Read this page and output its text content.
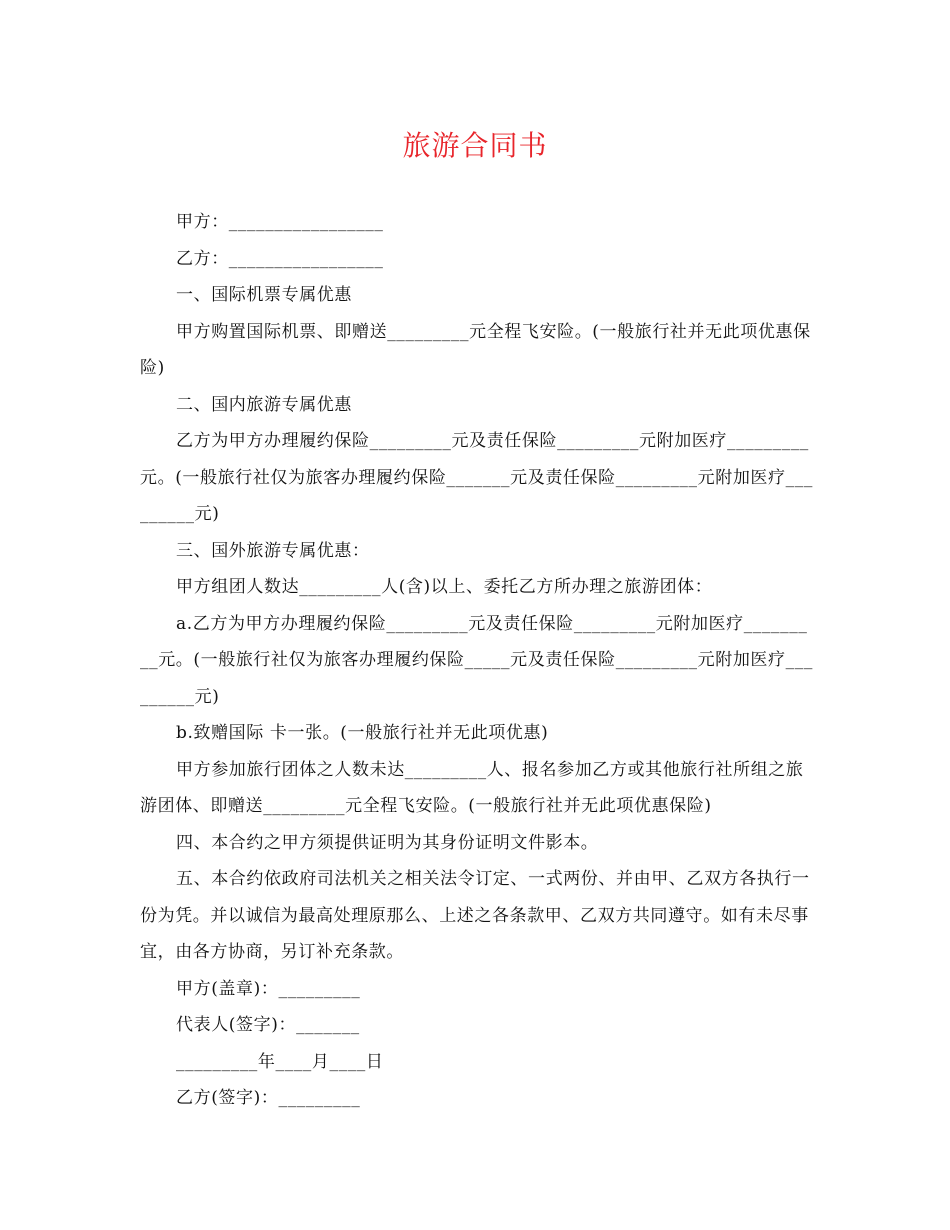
旅游合同书

甲方：_________________

乙方：_________________

一、国际机票专属优惠

甲方购置国际机票、即赠送_________元全程飞安险。(一般旅行社并无此项优惠保险)

二、国内旅游专属优惠

乙方为甲方办理履约保险_________元及责任保险_________元附加医疗_________元。(一般旅行社仅为旅客办理履约保险_______元及责任保险_________元附加医疗_________元)

三、国外旅游专属优惠：

甲方组团人数达_________人(含)以上、委托乙方所办理之旅游团体：

a.乙方为甲方办理履约保险_________元及责任保险_________元附加医疗_________元。(一般旅行社仅为旅客办理履约保险_____元及责任保险_________元附加医疗_________元)

b.致赠国际 卡一张。(一般旅行社并无此项优惠)

甲方参加旅行团体之人数未达_________人、报名参加乙方或其他旅行社所组之旅游团体、即赠送_________元全程飞安险。(一般旅行社并无此项优惠保险)

四、本合约之甲方须提供证明为其身份证明文件影本。

五、本合约依政府司法机关之相关法令订定、一式两份、并由甲、乙双方各执行一份为凭。并以诚信为最高处理原那么、上述之各条款甲、乙双方共同遵守。如有未尽事宜，由各方协商，另订补充条款。

甲方(盖章)：_________

代表人(签字)：_______

_________年____月____日

乙方(签字)：_________
